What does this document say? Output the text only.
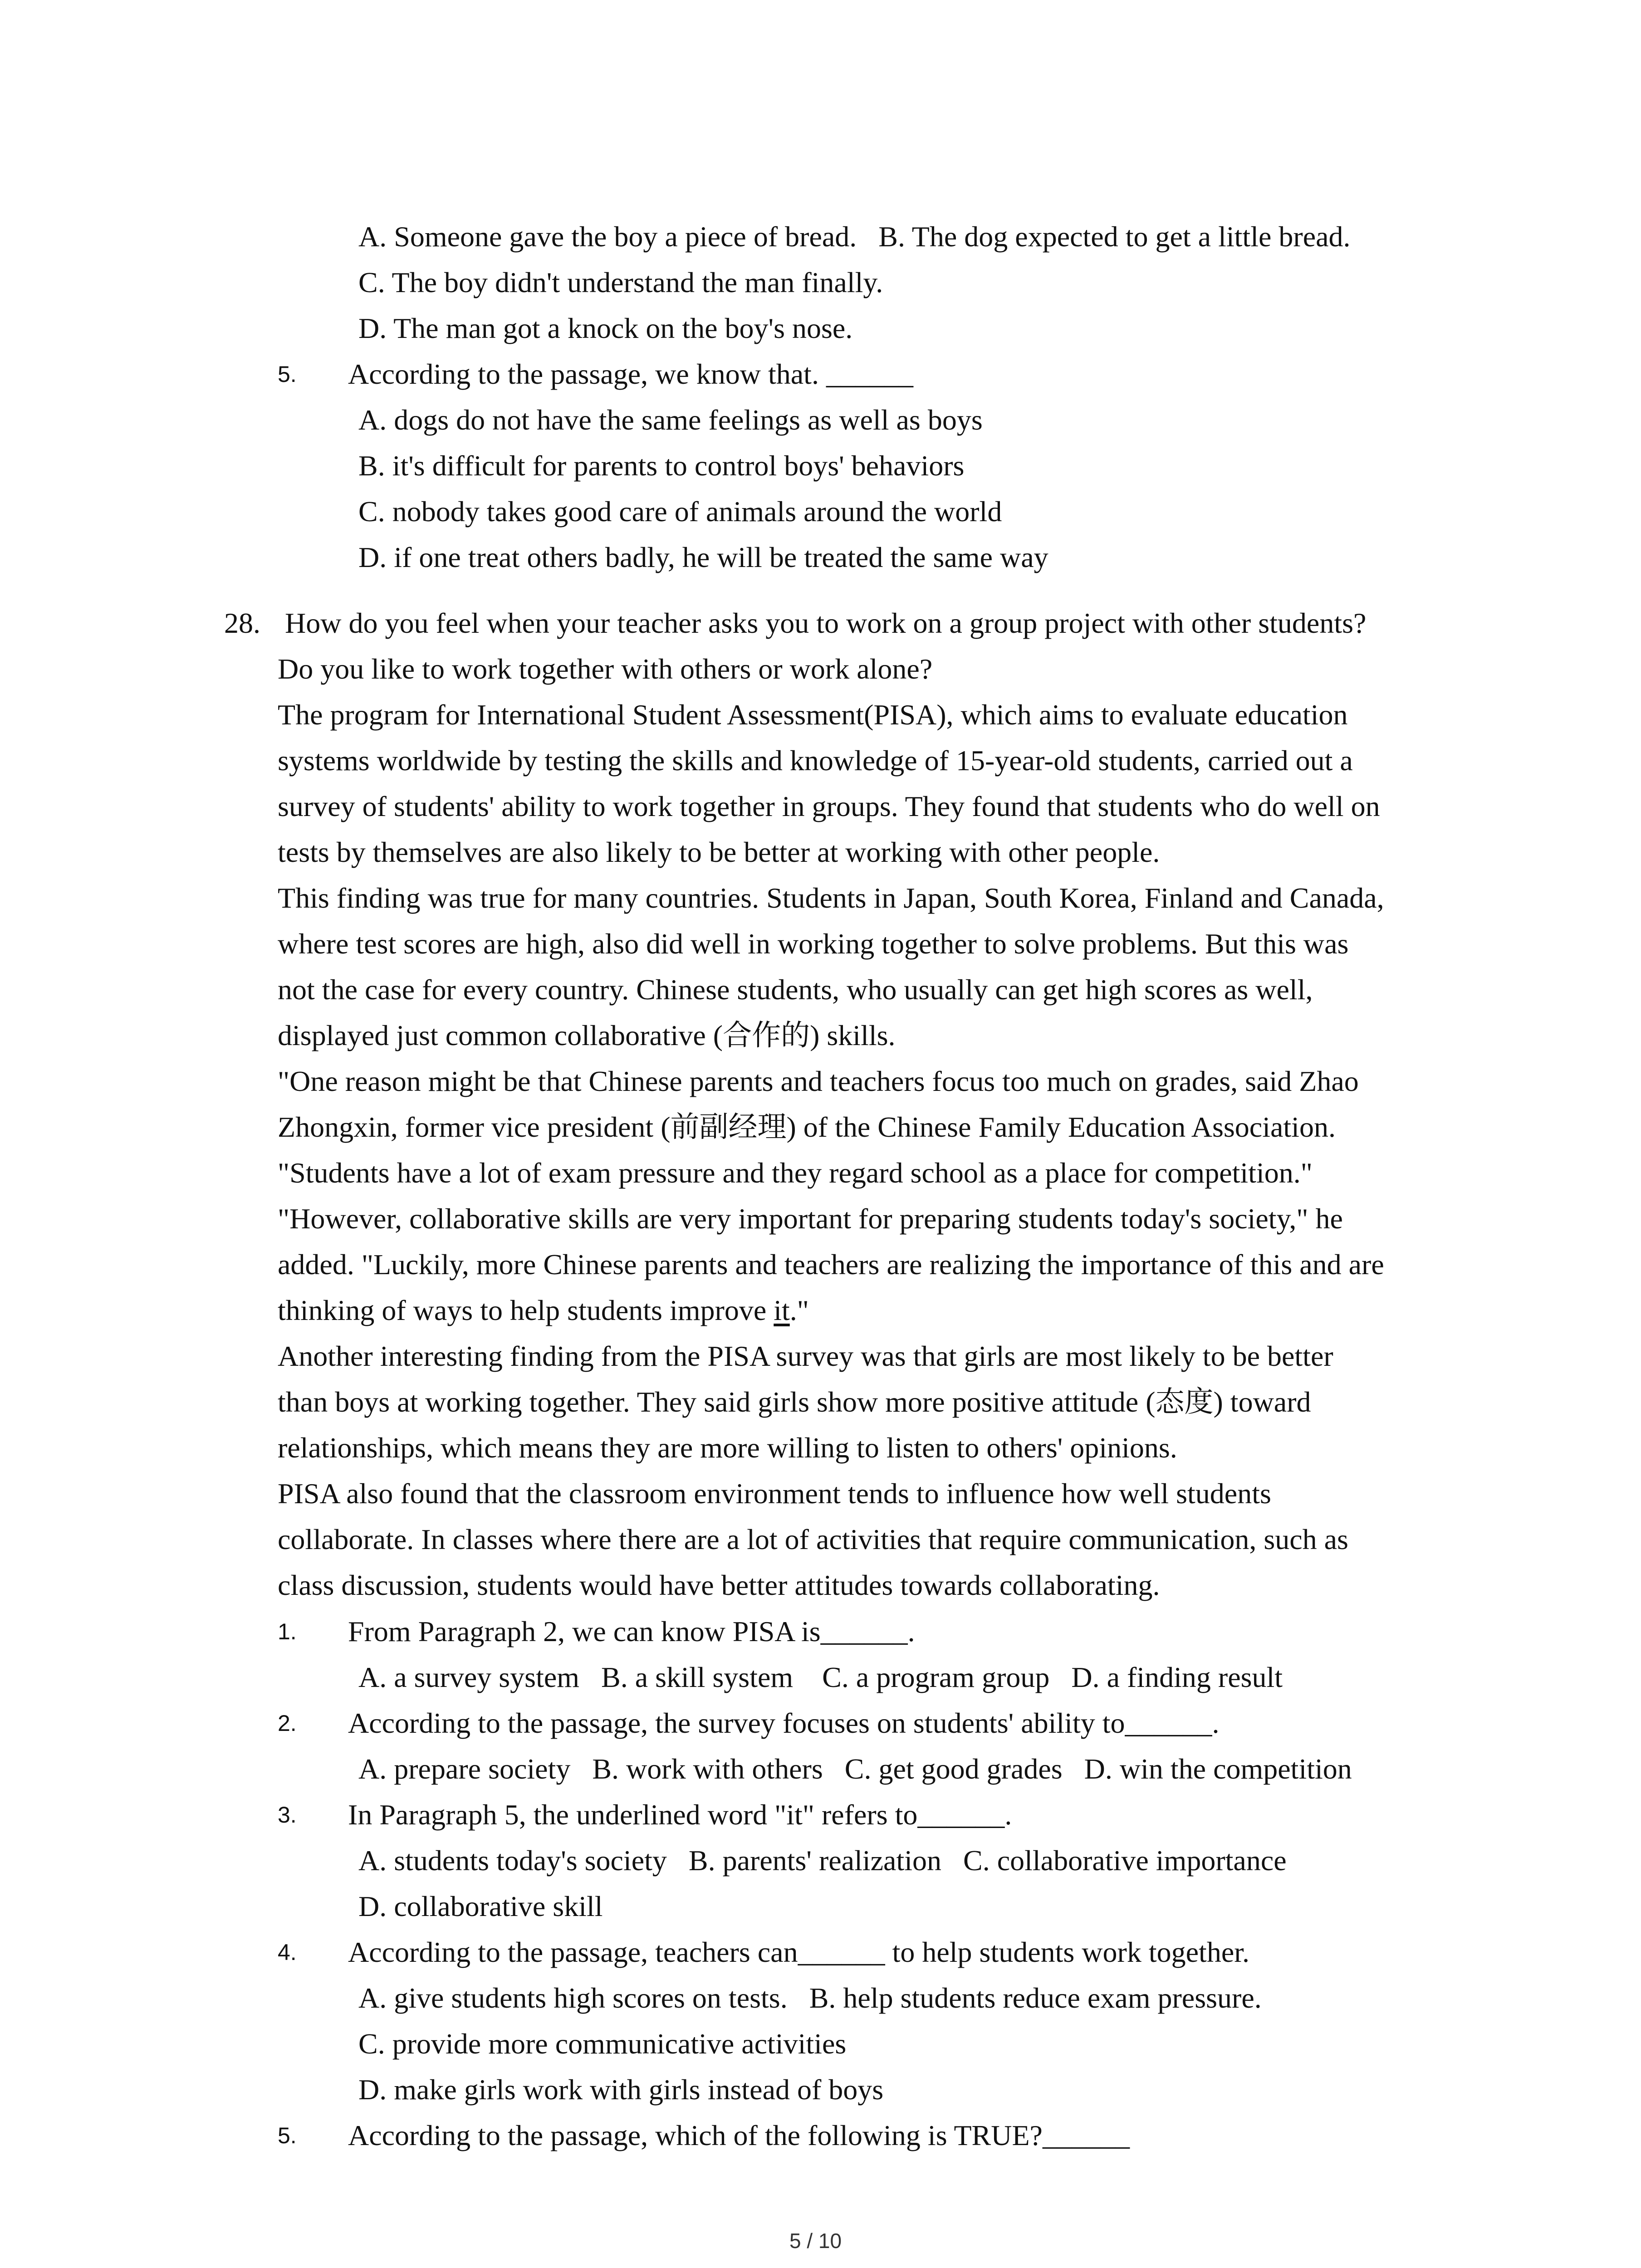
A. Someone gave the boy a piece of bread.   B. The dog expected to get a little bread.
C. The boy didn't understand the man finally.
D. The man got a knock on the boy's nose.
5. According to the passage, we know that. ______
A. dogs do not have the same feelings as well as boys
B. it's difficult for parents to control boys' behaviors
C. nobody takes good care of animals around the world
D. if one treat others badly, he will be treated the same way
28. How do you feel when your teacher asks you to work on a group project with other students?
Do you like to work together with others or work alone?
The program for International Student Assessment(PISA), which aims to evaluate education
systems worldwide by testing the skills and knowledge of 15-year-old students, carried out a
survey of students' ability to work together in groups. They found that students who do well on
tests by themselves are also likely to be better at working with other people.
This finding was true for many countries. Students in Japan, South Korea, Finland and Canada,
where test scores are high, also did well in working together to solve problems. But this was
not the case for every country. Chinese students, who usually can get high scores as well,
displayed just common collaborative (合作的) skills.
"One reason might be that Chinese parents and teachers focus too much on grades, said Zhao
Zhongxin, former vice president (前副经理) of the Chinese Family Education Association.
"Students have a lot of exam pressure and they regard school as a place for competition."
"However, collaborative skills are very important for preparing students today's society," he
added. "Luckily, more Chinese parents and teachers are realizing the importance of this and are
thinking of ways to help students improve it."
Another interesting finding from the PISA survey was that girls are most likely to be better
than boys at working together. They said girls show more positive attitude (态度) toward
relationships, which means they are more willing to listen to others' opinions.
PISA also found that the classroom environment tends to influence how well students
collaborate. In classes where there are a lot of activities that require communication, such as
class discussion, students would have better attitudes towards collaborating.
1. From Paragraph 2, we can know PISA is______.
A. a survey system   B. a skill system    C. a program group   D. a finding result
2. According to the passage, the survey focuses on students' ability to______.
A. prepare society   B. work with others   C. get good grades   D. win the competition
3. In Paragraph 5, the underlined word "it" refers to______.
A. students today's society   B. parents' realization   C. collaborative importance
D. collaborative skill
4. According to the passage, teachers can______ to help students work together.
A. give students high scores on tests.   B. help students reduce exam pressure.
C. provide more communicative activities
D. make girls work with girls instead of boys
5. According to the passage, which of the following is TRUE?______
5 / 10
